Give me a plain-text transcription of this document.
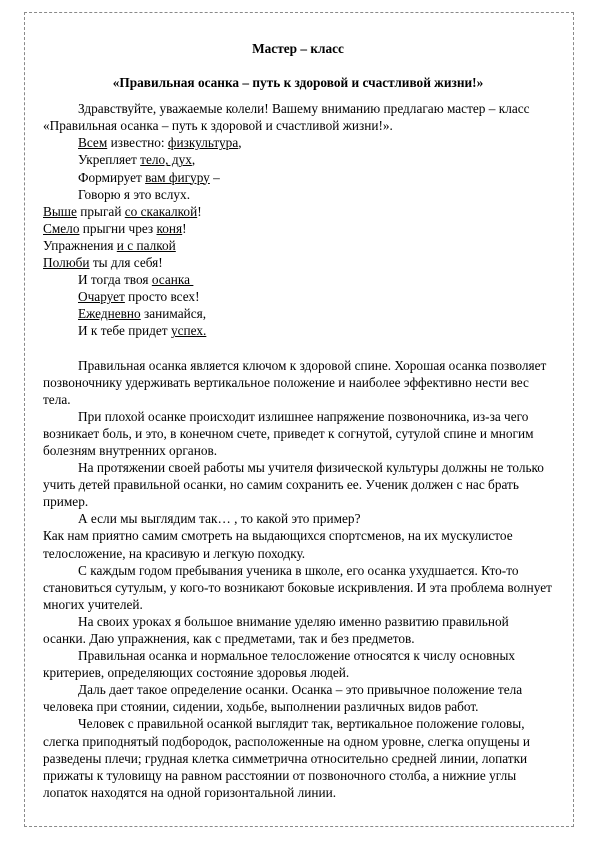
Мастер – класс

«Правильная осанка – путь к здоровой и счастливой жизни!»

Здравствуйте, уважаемые колели! Вашему вниманию предлагаю мастер – класс

«Правильная осанка – путь к здоровой и счастливой жизни!».

Всем известно: физкультура,

Укрепляет тело, дух,

Формирует вам фигуру –

Говорю я это вслух.

Выше прыгай со скакалкой!

Смело прыгни чрез коня!

Упражнения и с палкой

Полюби ты для себя!

И тогда твоя осанка

Очарует просто всех!

Ежедневно занимайся,

И к тебе придет успех.

Правильная осанка является ключом к здоровой спине. Хорошая осанка позволяет позвоночнику удерживать вертикальное положение и наиболее эффективно нести вес тела.

При плохой осанке происходит излишнее напряжение позвоночника, из-за чего возникает боль, и это, в конечном счете, приведет к согнутой, сутулой спине и многим болезням внутренних органов.

На протяжении своей работы мы учителя физической культуры должны не только учить детей правильной осанки, но самим сохранить ее. Ученик должен с нас брать пример.

А если мы выглядим так… , то какой это пример?

Как нам приятно самим смотреть на выдающихся спортсменов, на их мускулистое телосложение, на красивую и легкую походку.

С каждым годом пребывания ученика в школе, его осанка ухудшается. Кто-то становиться сутулым, у кого-то возникают боковые искривления. И эта проблема волнует многих учителей.

На своих уроках я большое внимание уделяю именно развитию правильной осанки. Даю упражнения, как с предметами, так и без предметов.

Правильная осанка и нормальное телосложение относятся к числу основных критериев, определяющих состояние здоровья людей.

Даль дает такое определение осанки. Осанка – это привычное положение тела человека при стоянии, сидении, ходьбе, выполнении различных видов работ.

Человек с правильной осанкой выглядит так, вертикальное положение головы, слегка приподнятый подбородок, расположенные на одном уровне, слегка опущены и разведены плечи; грудная клетка симметрична относительно средней линии, лопатки прижаты к туловищу на равном расстоянии от позвоночного столба, а нижние углы лопаток находятся на одной горизонтальной линии.
